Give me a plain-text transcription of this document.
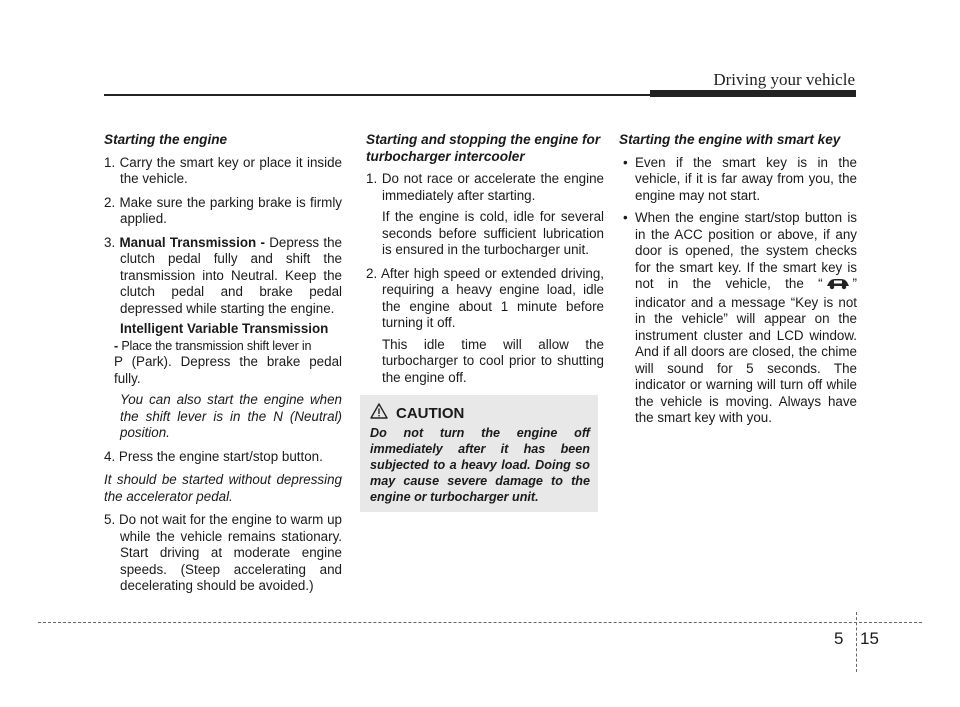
Driving your vehicle
Starting the engine

1. Carry the smart key or place it inside the vehicle.

2. Make sure the parking brake is firmly applied.

3. Manual Transmission - Depress the clutch pedal fully and shift the transmission into Neutral. Keep the clutch pedal and brake pedal depressed while starting the engine.

Intelligent Variable Transmission

- Place the transmission shift lever in

P (Park). Depress the brake pedal fully.

You can also start the engine when the shift lever is in the N (Neutral) position.

4. Press the engine start/stop button.

It should be started without depressing the accelerator pedal.

5. Do not wait for the engine to warm up while the vehicle remains stationary. Start driving at moderate engine speeds. (Steep accelerating and decelerating should be avoided.)

Starting and stopping the engine for turbocharger intercooler

1. Do not race or accelerate the engine immediately after starting.

If the engine is cold, idle for several seconds before sufficient lubrication is ensured in the turbocharger unit.

2. After high speed or extended driving, requiring a heavy engine load, idle the engine about 1 minute before turning it off.

This idle time will allow the turbocharger to cool prior to shutting the engine off.

CAUTION

Do not turn the engine off immediately after it has been subjected to a heavy load. Doing so may cause severe damage to the engine or turbocharger unit.

Starting the engine with smart key

• Even if the smart key is in the vehicle, if it is far away from you, the engine may not start.

• When the engine start/stop button is in the ACC position or above, if any door is opened, the system checks for the smart key. If the smart key is not in the vehicle, the “ ” indicator and a message “Key is not in the vehicle” will appear on the instrument cluster and LCD window. And if all doors are closed, the chime will sound for 5 seconds. The indicator or warning will turn off while the vehicle is moving. Always have the smart key with you.

5 15
